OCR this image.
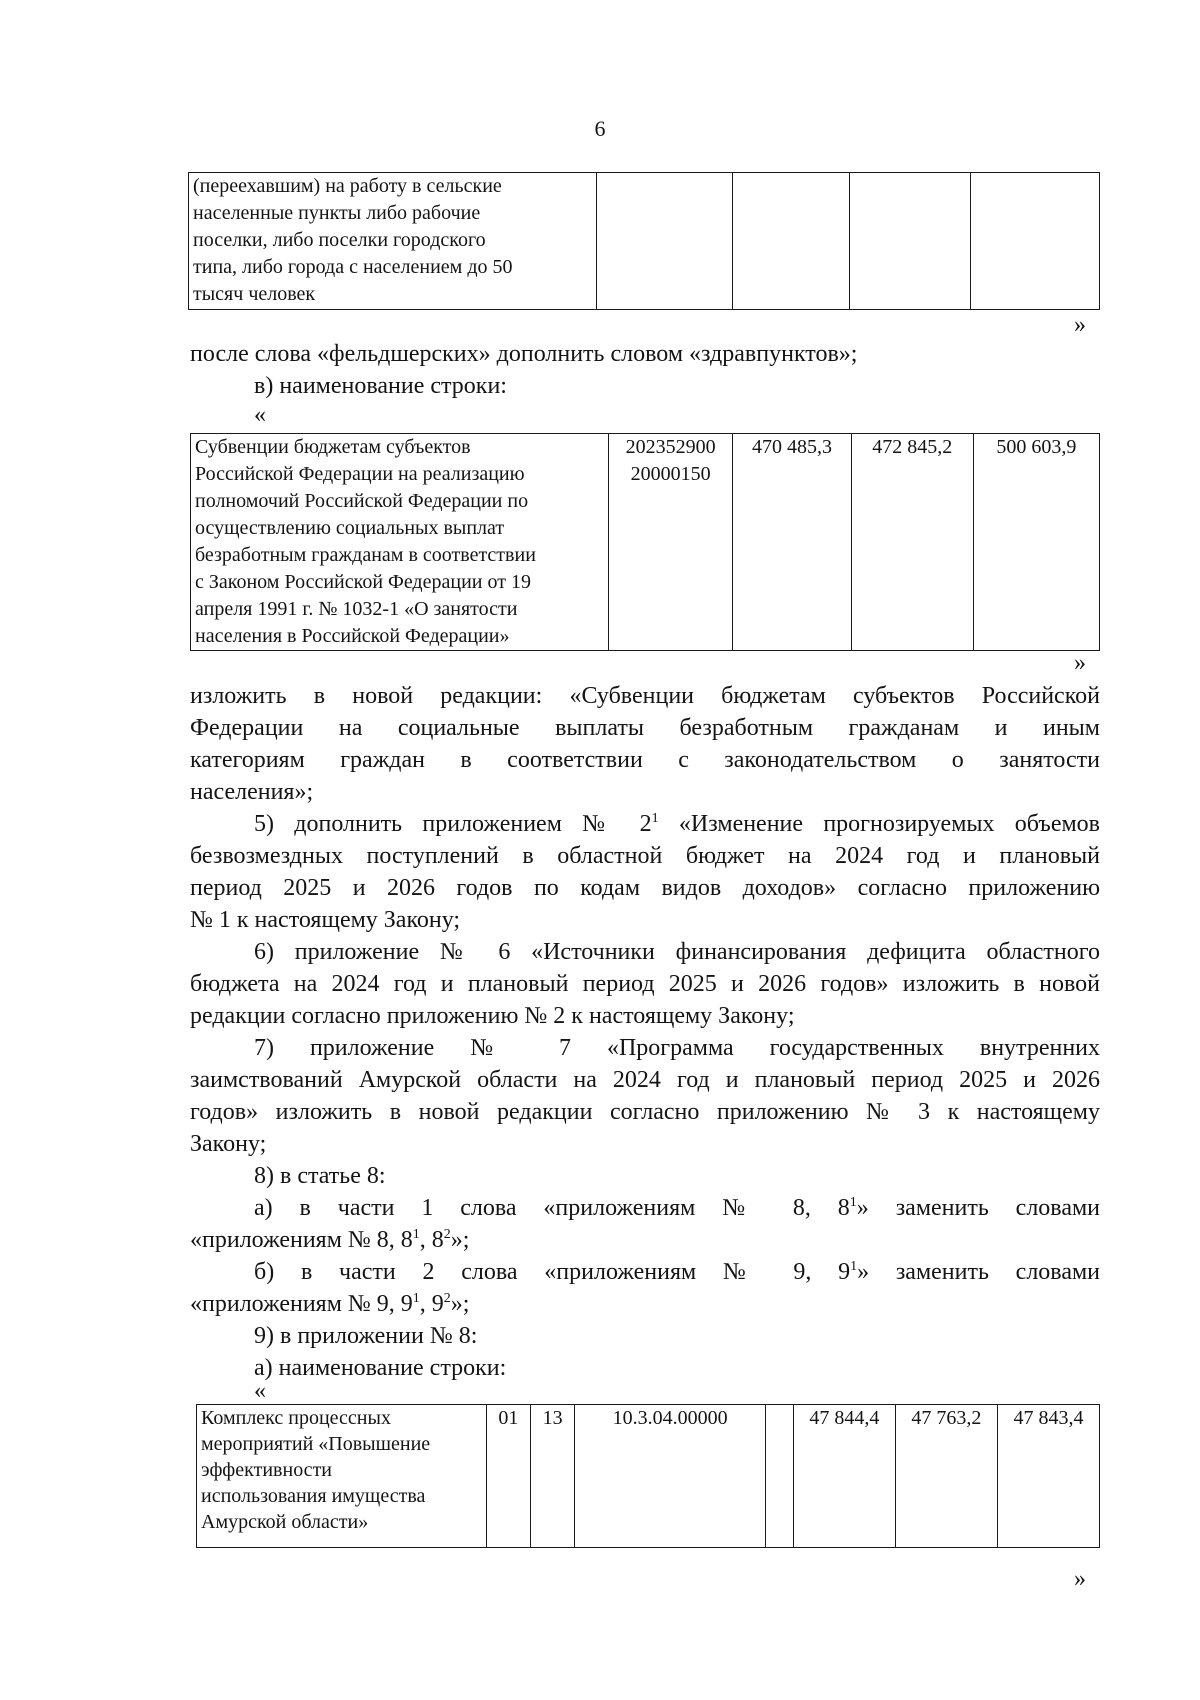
6
(переехавшим) на работу в сельские
населенные пункты либо рабочие
поселки, либо поселки городского
типа, либо города с населением до 50
тысяч человек				
»
после слова «фельдшерских» дополнить словом «здравпунктов»;
в) наименование строки:
«
Субвенции бюджетам субъектов
Российской Федерации на реализацию
полномочий Российской Федерации по
осуществлению социальных выплат
безработным гражданам в соответствии
с Законом Российской Федерации от 19
апреля 1991 г. № 1032-1 «О занятости
населения в Российской Федерации»	202352900
20000150	470 485,3	472 845,2	500 603,9
»
изложить в новой редакции: «Субвенции бюджетам субъектов Российской
Федерации на социальные выплаты безработным гражданам и иным
категориям граждан в соответствии с законодательством о занятости
населения»;
5) дополнить приложением № $2^1$ «Изменение прогнозируемых объемов
безвозмездных поступлений в областной бюджет на 2024 год и плановый
период 2025 и 2026 годов по кодам видов доходов» согласно приложению
№ 1 к настоящему Закону;
6) приложение № 6 «Источники финансирования дефицита областного
бюджета на 2024 год и плановый период 2025 и 2026 годов» изложить в новой
редакции согласно приложению № 2 к настоящему Закону;
7) приложение № 7 «Программа государственных внутренних
заимствований Амурской области на 2024 год и плановый период 2025 и 2026
годов» изложить в новой редакции согласно приложению № 3 к настоящему
Закону;
8) в статье 8:
а) в части 1 слова «приложениям № 8, $8^1$» заменить словами
«приложениям № 8, $8^1$, $8^2$»;
б) в части 2 слова «приложениям № 9, $9^1$» заменить словами
«приложениям № 9, $9^1$, $9^2$»;
9) в приложении № 8:
а) наименование строки:
«
Комплекс процессных
мероприятий «Повышение
эффективности
использования имущества
Амурской области»	01	13	10.3.04.00000		47 844,4	47 763,2	47 843,4
»
